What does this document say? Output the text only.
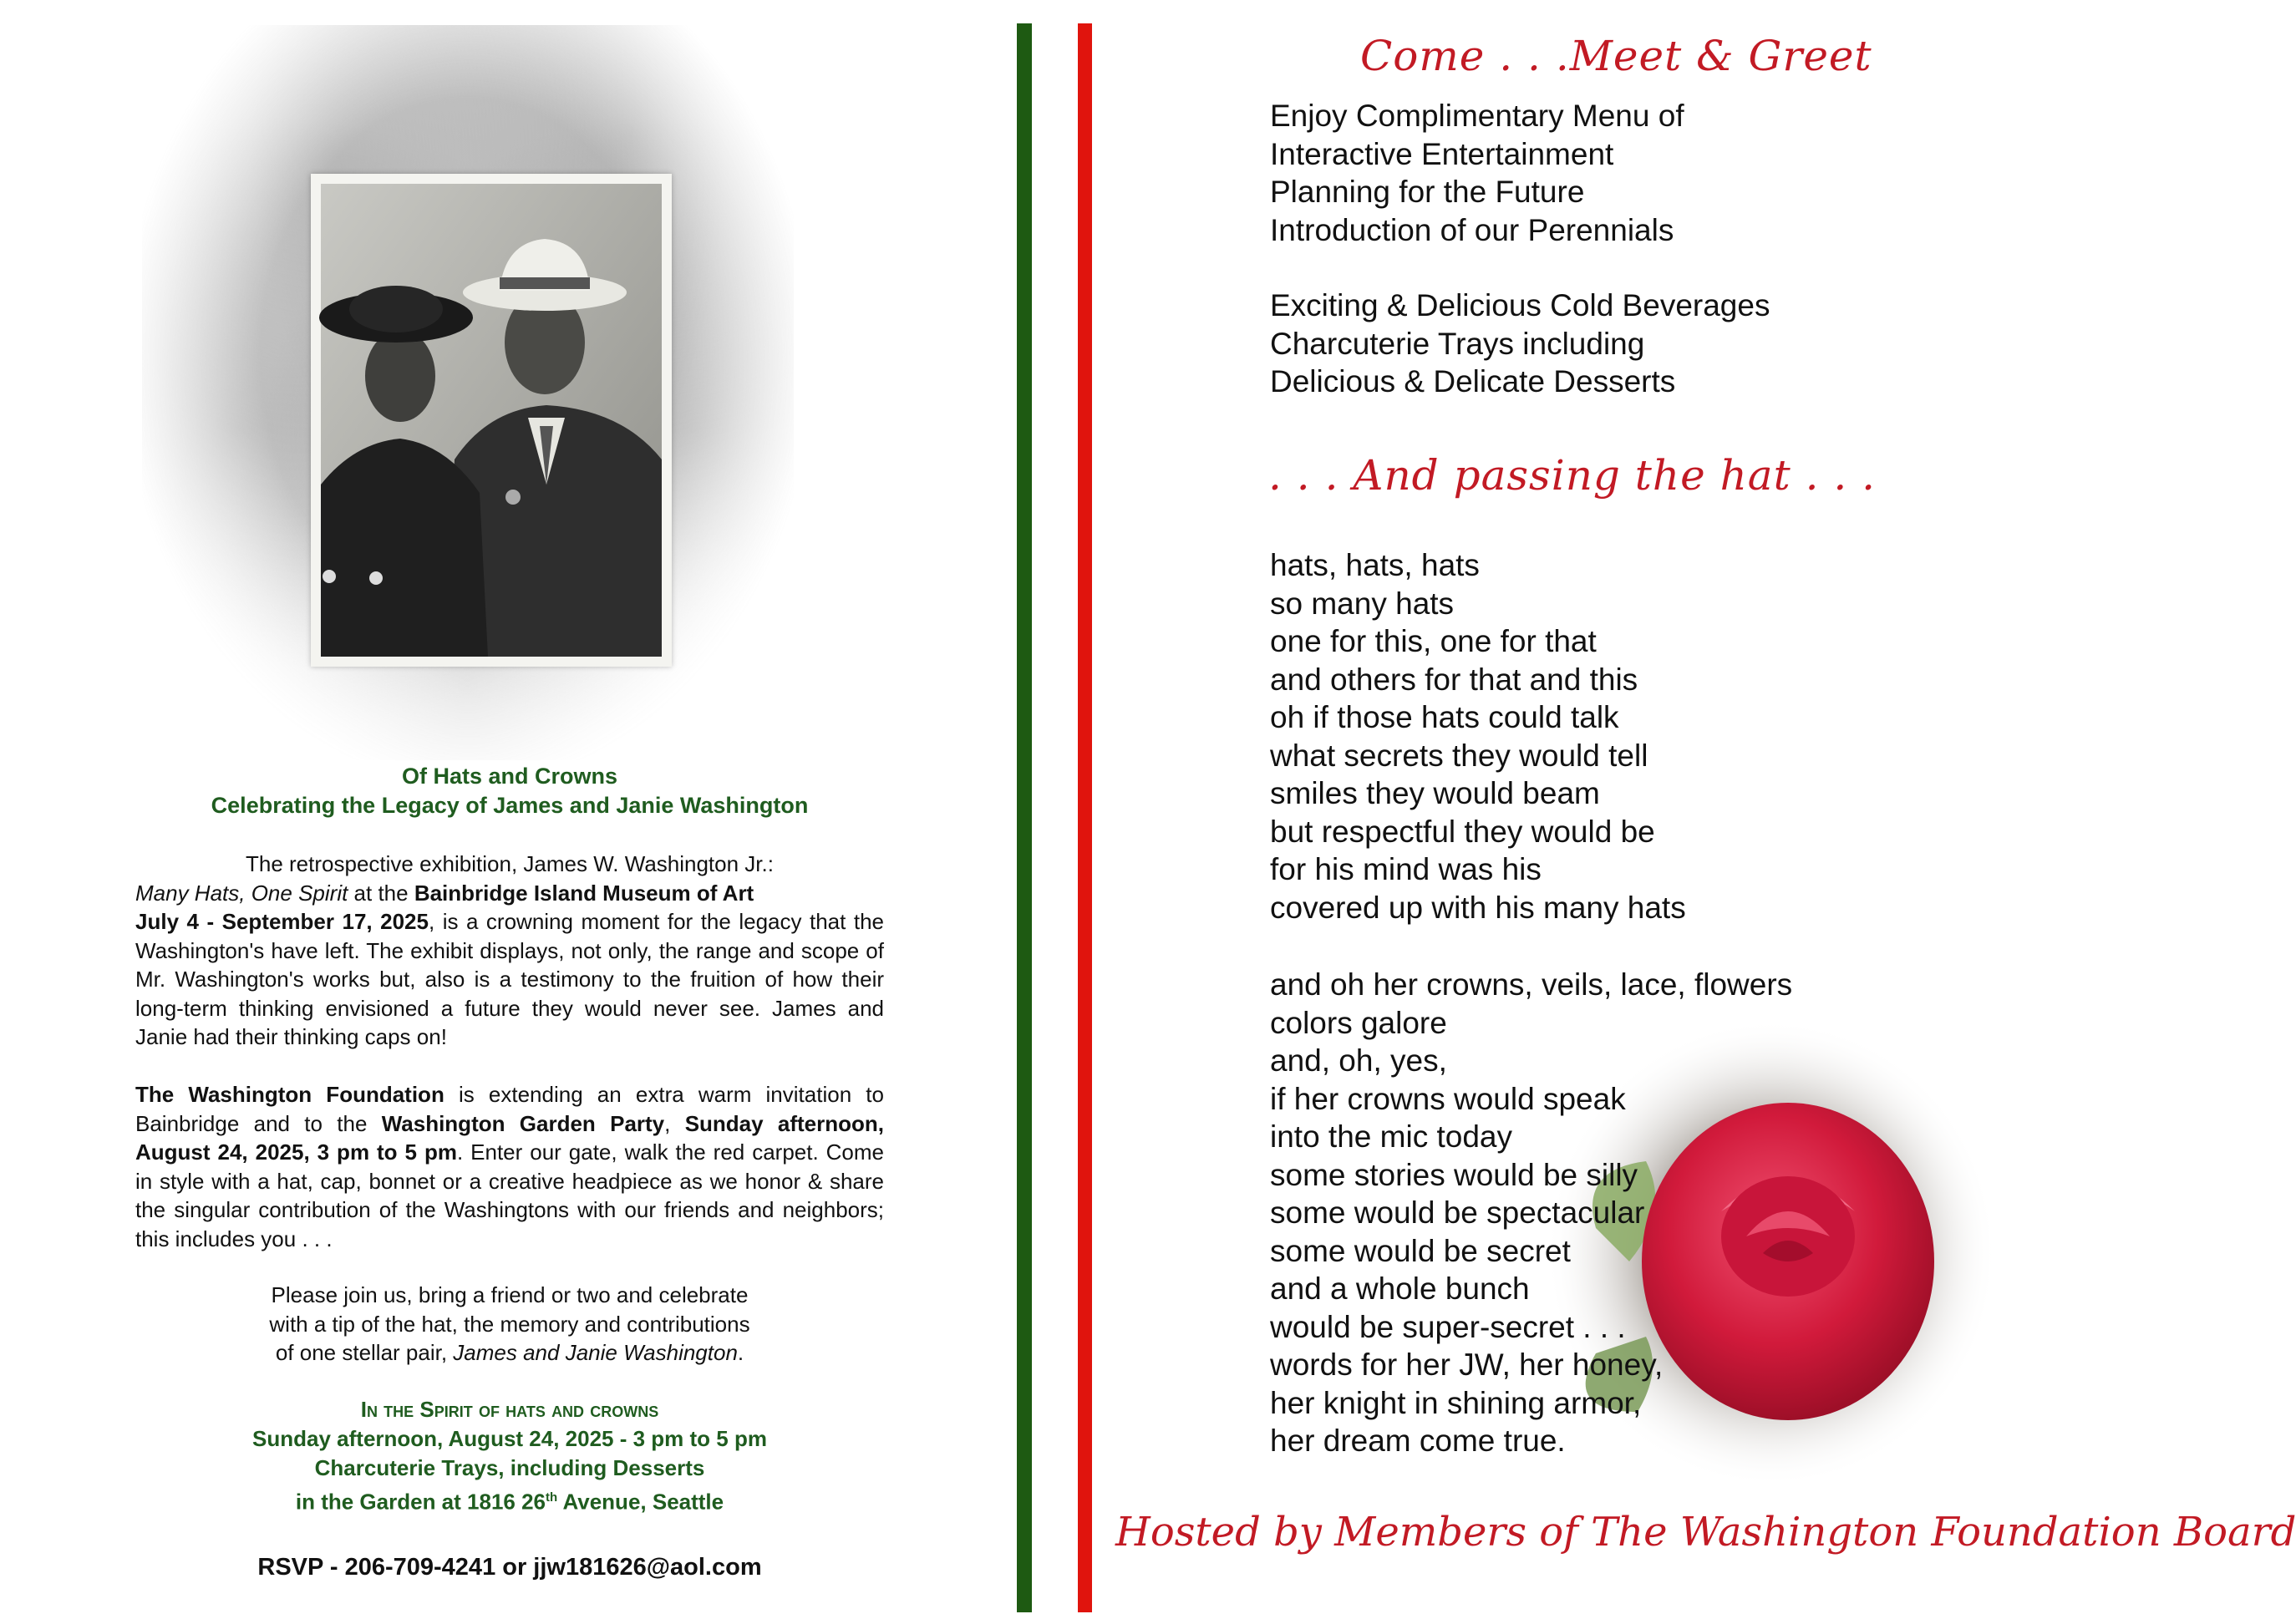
Of Hats and Crowns
Celebrating the Legacy of James and Janie Washington
The retrospective exhibition, James W. Washington Jr.:
Many Hats, One Spirit at the Bainbridge Island Museum of Art
July 4 - September 17, 2025, is a crowning moment for the legacy that the Washington's have left. The exhibit displays, not only, the range and scope of Mr. Washington's works but, also is a testimony to the fruition of how their long-term thinking envisioned a future they would never see. James and Janie had their thinking caps on!
The Washington Foundation is extending an extra warm invitation to Bainbridge and to the Washington Garden Party, Sunday afternoon, August 24, 2025, 3 pm to 5 pm. Enter our gate, walk the red carpet. Come in style with a hat, cap, bonnet or a creative headpiece as we honor & share the singular contribution of the Washingtons with our friends and neighbors; this includes you . . .
Please join us, bring a friend or two and celebrate
with a tip of the hat, the memory and contributions
of one stellar pair, James and Janie Washington.
In the Spirit of hats and crowns
Sunday afternoon, August 24, 2025 - 3 pm to 5 pm
Charcuterie Trays, including Desserts
in the Garden at 1816 26th Avenue, Seattle
RSVP - 206-709-4241 or jjw181626@aol.com
Come . . .Meet & Greet
Enjoy Complimentary Menu of
Interactive Entertainment
Planning for the Future
Introduction of our Perennials
Exciting & Delicious Cold Beverages
Charcuterie Trays including
Delicious & Delicate Desserts
. . . And passing the hat . . .
hats, hats, hats
so many hats
one for this, one for that
and others for that and this
oh if those hats could talk
what secrets they would tell
smiles they would beam
but respectful they would be
for his mind was his
covered up with his many hats
and oh her crowns, veils, lace, flowers
colors galore
and, oh, yes,
if her crowns would speak
into the mic today
some stories would be silly
some would be spectacular
some would be secret
and a whole bunch
would be super-secret . . .
words for her JW, her honey,
her knight in shining armor,
her dream come true.
Hosted by Members of The Washington Foundation Board
